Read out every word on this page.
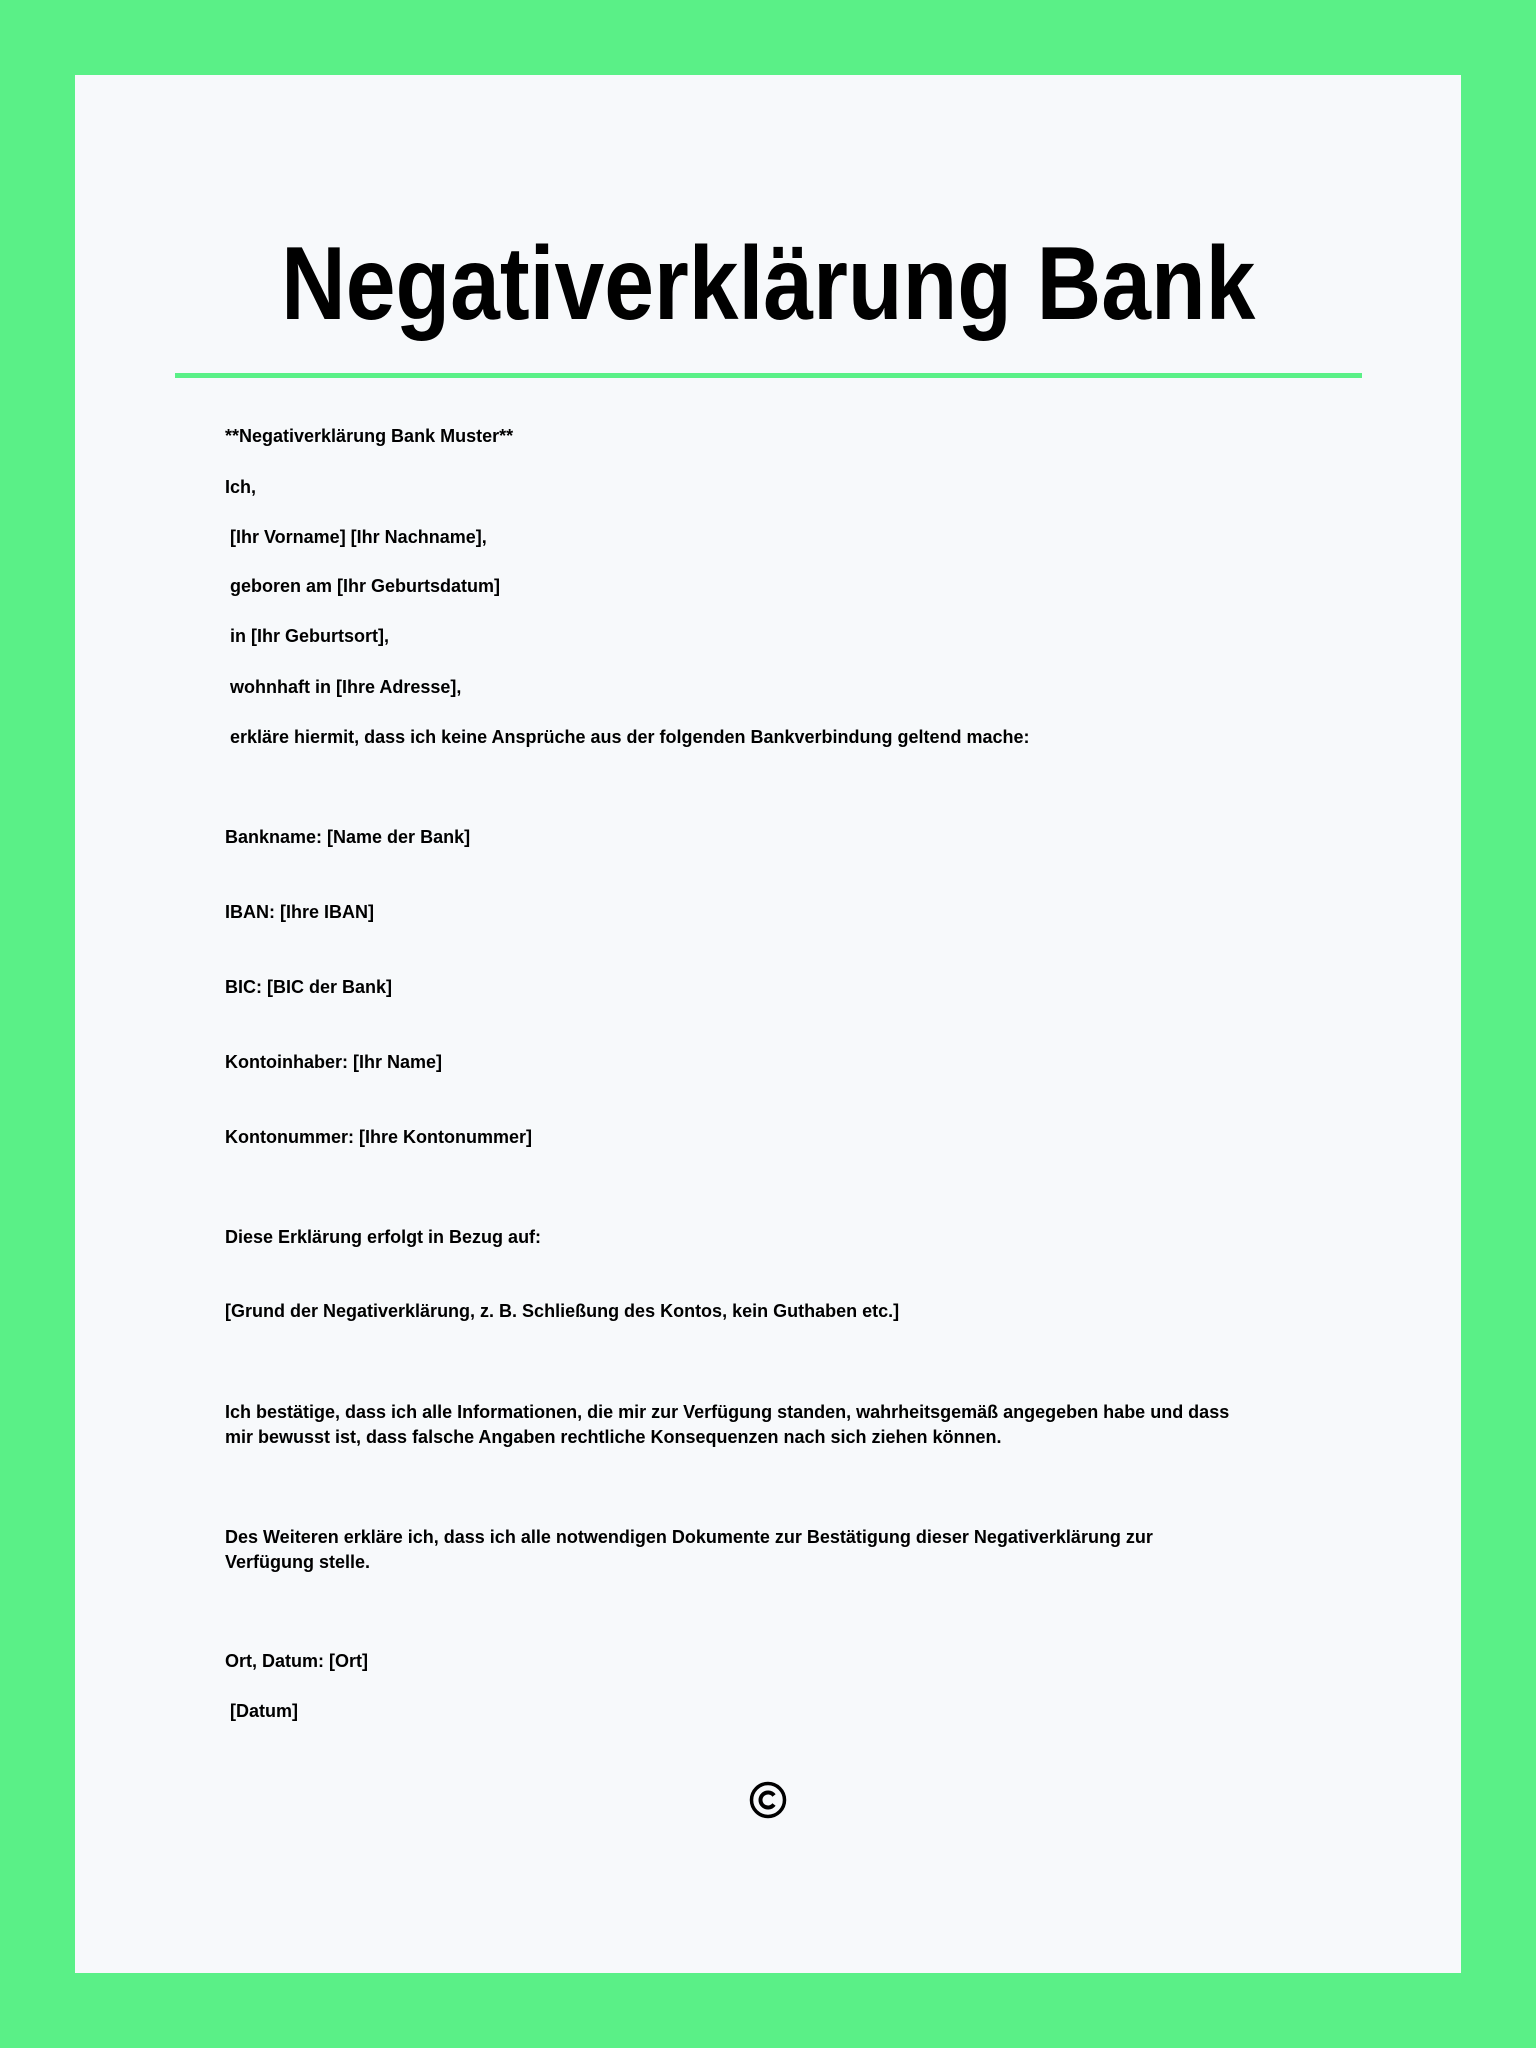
Negativerklärung Bank
**Negativerklärung Bank Muster**
Ich,
[Ihr Vorname] [Ihr Nachname],
geboren am [Ihr Geburtsdatum]
in [Ihr Geburtsort],
wohnhaft in [Ihre Adresse],
erkläre hiermit, dass ich keine Ansprüche aus der folgenden Bankverbindung geltend mache:
Bankname: [Name der Bank]
IBAN: [Ihre IBAN]
BIC: [BIC der Bank]
Kontoinhaber: [Ihr Name]
Kontonummer: [Ihre Kontonummer]
Diese Erklärung erfolgt in Bezug auf:
[Grund der Negativerklärung, z. B. Schließung des Kontos, kein Guthaben etc.]
Ich bestätige, dass ich alle Informationen, die mir zur Verfügung standen, wahrheitsgemäß angegeben habe und dass
mir bewusst ist, dass falsche Angaben rechtliche Konsequenzen nach sich ziehen können.
Des Weiteren erkläre ich, dass ich alle notwendigen Dokumente zur Bestätigung dieser Negativerklärung zur
Verfügung stelle.
Ort, Datum: [Ort]
[Datum]
